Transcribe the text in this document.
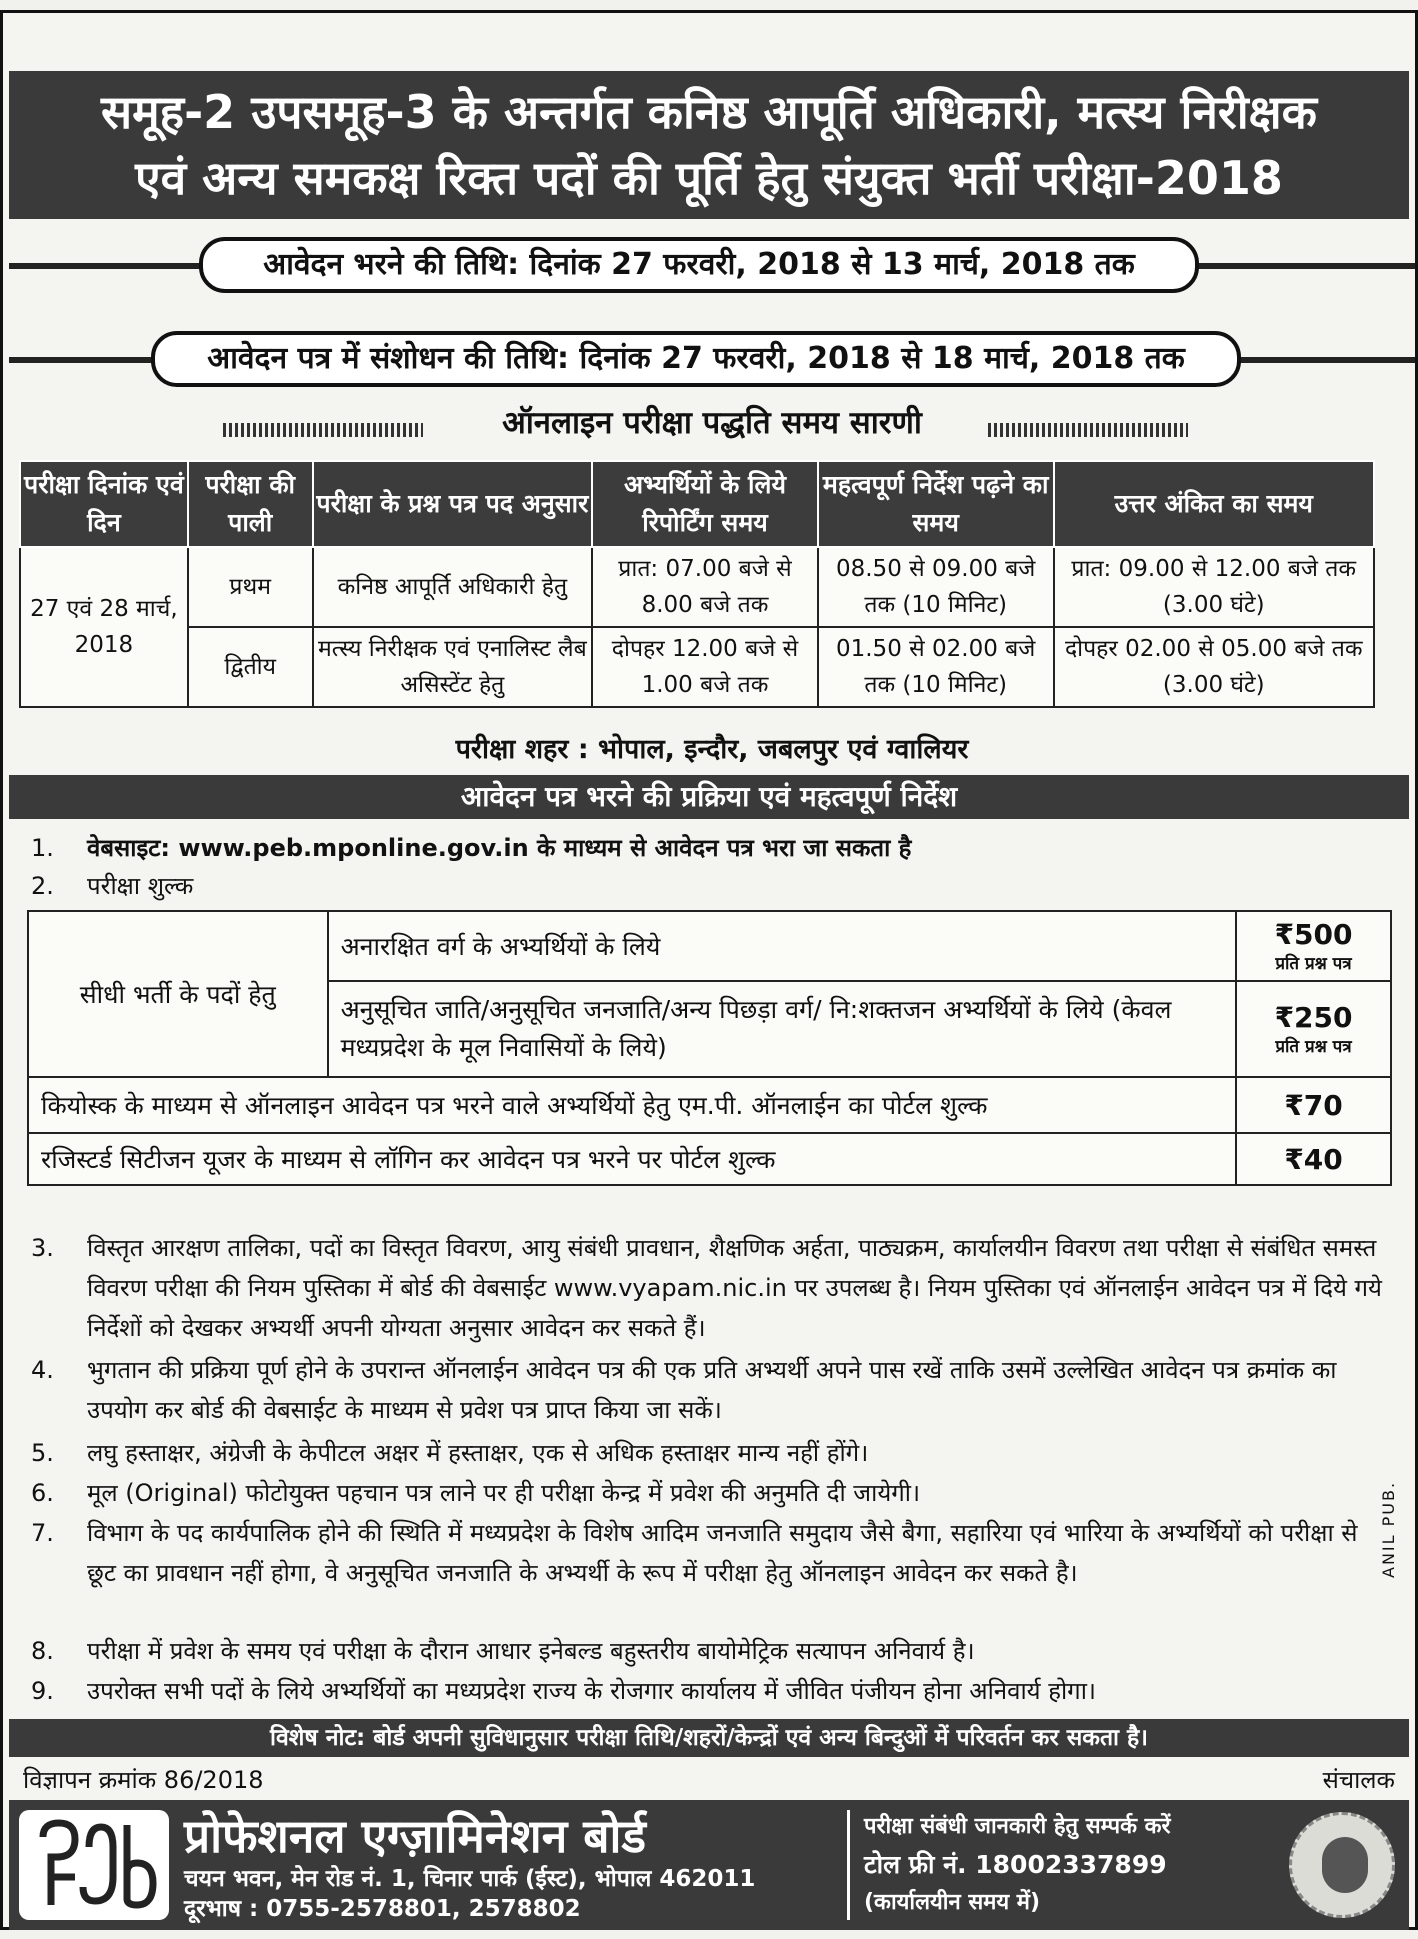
समूह-2 उपसमूह-3 के अन्तर्गत कनिष्ठ आपूर्ति अधिकारी, मत्स्य निरीक्षक
एवं अन्य समकक्ष रिक्त पदों की पूर्ति हेतु संयुक्त भर्ती परीक्षा-2018
आवेदन भरने की तिथि: दिनांक 27 फरवरी, 2018 से 13 मार्च, 2018 तक
आवेदन पत्र में संशोधन की तिथि: दिनांक 27 फरवरी, 2018 से 18 मार्च, 2018 तक
ऑनलाइन परीक्षा पद्धति समय सारणी
परीक्षा दिनांक एवं दिन	परीक्षा की पाली	परीक्षा के प्रश्न पत्र पद अनुसार	अभ्यर्थियों के लिये रिपोर्टिंग समय	महत्वपूर्ण निर्देश पढ़ने का समय	उत्तर अंकित का समय
27 एवं 28 मार्च, 2018	प्रथम	कनिष्ठ आपूर्ति अधिकारी हेतु	प्रात: 07.00 बजे से 8.00 बजे तक	08.50 से 09.00 बजे तक (10 मिनिट)	प्रात: 09.00 से 12.00 बजे तक (3.00 घंटे)
	द्वितीय	मत्स्य निरीक्षक एवं एनालिस्ट लैब असिस्टेंट हेतु	दोपहर 12.00 बजे से 1.00 बजे तक	01.50 से 02.00 बजे तक (10 मिनिट)	दोपहर 02.00 से 05.00 बजे तक (3.00 घंटे)
परीक्षा शहर : भोपाल, इन्दौर, जबलपुर एवं ग्वालियर
आवेदन पत्र भरने की प्रक्रिया एवं महत्वपूर्ण निर्देश
1.	वेबसाइट: www.peb.mponline.gov.in के माध्यम से आवेदन पत्र भरा जा सकता है
2.	परीक्षा शुल्क
सीधी भर्ती के पदों हेतु	अनारक्षित वर्ग के अभ्यर्थियों के लिये	₹500
प्रति प्रश्न पत्र

	अनुसूचित जाति/अनुसूचित जनजाति/अन्य पिछड़ा वर्ग/ नि:शक्तजन अभ्यर्थियों के लिये (केवल मध्यप्रदेश के मूल निवासियों के लिये)	₹250
प्रति प्रश्न पत्र

कियोस्क के माध्यम से ऑनलाइन आवेदन पत्र भरने वाले अभ्यर्थियों हेतु एम.पी. ऑनलाईन का पोर्टल शुल्क		₹70
रजिस्टर्ड सिटीजन यूजर के माध्यम से लॉगिन कर आवेदन पत्र भरने पर पोर्टल शुल्क		₹40
3.	विस्तृत आरक्षण तालिका, पदों का विस्तृत विवरण, आयु संबंधी प्रावधान, शैक्षणिक अर्हता, पाठ्यक्रम, कार्यालयीन विवरण तथा परीक्षा से संबंधित समस्त विवरण परीक्षा की नियम पुस्तिका में बोर्ड की वेबसाईट www.vyapam.nic.in पर उपलब्ध है। नियम पुस्तिका एवं ऑनलाईन आवेदन पत्र में दिये गये निर्देशों को देखकर अभ्यर्थी अपनी योग्यता अनुसार आवेदन कर सकते हैं।
4.	भुगतान की प्रक्रिया पूर्ण होने के उपरान्त ऑनलाईन आवेदन पत्र की एक प्रति अभ्यर्थी अपने पास रखें ताकि उसमें उल्लेखित आवेदन पत्र क्रमांक का उपयोग कर बोर्ड की वेबसाईट के माध्यम से प्रवेश पत्र प्राप्त किया जा सकें।
5.	लघु हस्ताक्षर, अंग्रेजी के केपीटल अक्षर में हस्ताक्षर, एक से अधिक हस्ताक्षर मान्य नहीं होंगे।
6.	मूल (Original) फोटोयुक्त पहचान पत्र लाने पर ही परीक्षा केन्द्र में प्रवेश की अनुमति दी जायेगी।
7.	विभाग के पद कार्यपालिक होने की स्थिति में मध्यप्रदेश के विशेष आदिम जनजाति समुदाय जैसे बैगा, सहारिया एवं भारिया के अभ्यर्थियों को परीक्षा से छूट का प्रावधान नहीं होगा, वे अनुसूचित जनजाति के अभ्यर्थी के रूप में परीक्षा हेतु ऑनलाइन आवेदन कर सकते है।
8.	परीक्षा में प्रवेश के समय एवं परीक्षा के दौरान आधार इनेबल्ड बहुस्तरीय बायोमेट्रिक सत्यापन अनिवार्य है।
9.	उपरोक्त सभी पदों के लिये अभ्यर्थियों का मध्यप्रदेश राज्य के रोजगार कार्यालय में जीवित पंजीयन होना अनिवार्य होगा।
ANIL PUB.
विशेष नोट: बोर्ड अपनी सुविधानुसार परीक्षा तिथि/शहरों/केन्द्रों एवं अन्य बिन्दुओं में परिवर्तन कर सकता है।
विज्ञापन क्रमांक 86/2018	संचालक
प्रोफेशनल एग्ज़ामिनेशन बोर्ड
चयन भवन, मेन रोड नं. 1, चिनार पार्क (ईस्ट), भोपाल 462011
दूरभाष : 0755-2578801, 2578802
परीक्षा संबंधी जानकारी हेतु सम्पर्क करें
टोल फ्री नं. 18002337899
(कार्यालयीन समय में)
